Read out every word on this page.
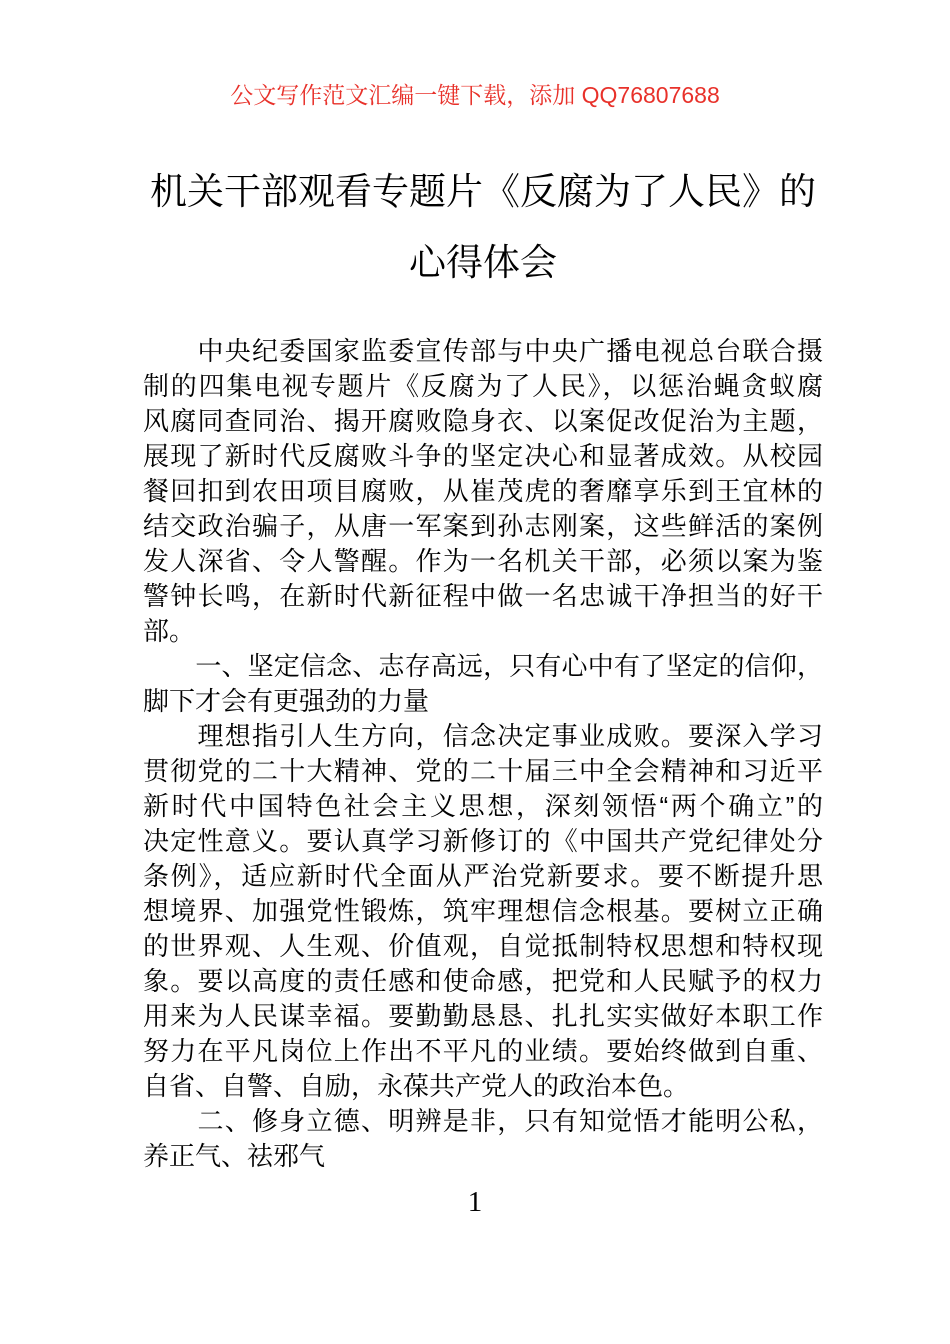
公文写作范文汇编一键下载，添加 QQ76807688
机关干部观看专题片《反腐为了人民》的
心得体会
　　中央纪委国家监委宣传部与中央广播电视总台联合摄
制的四集电视专题片《反腐为了人民》，以惩治蝇贪蚁腐
风腐同查同治、揭开腐败隐身衣、以案促改促治为主题，
展现了新时代反腐败斗争的坚定决心和显著成效。从校园
餐回扣到农田项目腐败，从崔茂虎的奢靡享乐到王宜林的
结交政治骗子，从唐一军案到孙志刚案，这些鲜活的案例
发人深省、令人警醒。作为一名机关干部，必须以案为鉴
警钟长鸣，在新时代新征程中做一名忠诚干净担当的好干
部。
　　一、坚定信念、志存高远，只有心中有了坚定的信仰，
脚下才会有更强劲的力量
　　理想指引人生方向，信念决定事业成败。要深入学习
贯彻党的二十大精神、党的二十届三中全会精神和习近平
新时代中国特色社会主义思想，深刻领悟“两个确立”的
决定性意义。要认真学习新修订的《中国共产党纪律处分
条例》，适应新时代全面从严治党新要求。要不断提升思
想境界、加强党性锻炼，筑牢理想信念根基。要树立正确
的世界观、人生观、价值观，自觉抵制特权思想和特权现
象。要以高度的责任感和使命感，把党和人民赋予的权力
用来为人民谋幸福。要勤勤恳恳、扎扎实实做好本职工作
努力在平凡岗位上作出不平凡的业绩。要始终做到自重、
自省、自警、自励，永葆共产党人的政治本色。
　　二、修身立德、明辨是非，只有知觉悟才能明公私，
养正气、祛邪气
1
